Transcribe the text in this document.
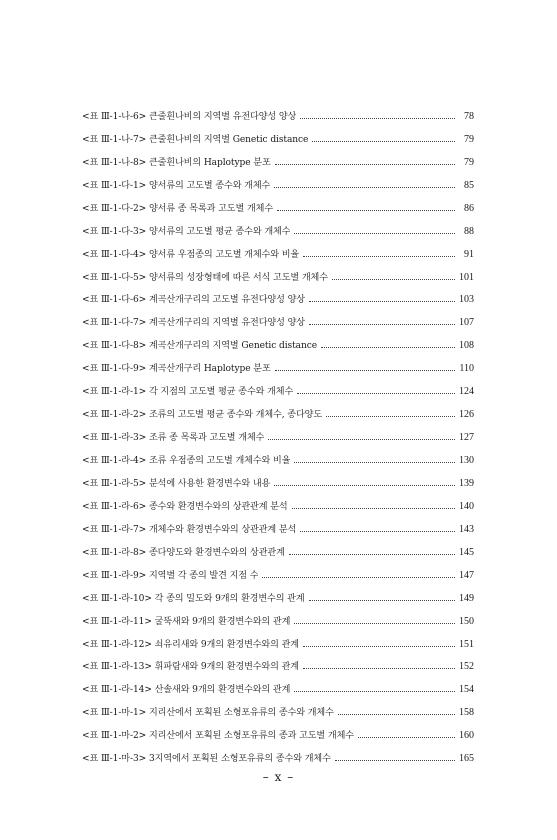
<표 Ⅲ-1-나-6> 큰줄흰나비의 지역별 유전다양성 양상	78
<표 Ⅲ-1-나-7> 큰줄흰나비의 지역별 Genetic distance	79
<표 Ⅲ-1-나-8> 큰줄흰나비의 Haplotype 분포	79
<표 Ⅲ-1-다-1> 양서류의 고도별 종수와 개체수	85
<표 Ⅲ-1-다-2> 양서류 종 목록과 고도별 개체수	86
<표 Ⅲ-1-다-3> 양서류의 고도별 평균 종수와 개체수	88
<표 Ⅲ-1-다-4> 양서류 우점종의 고도별 개체수와 비율	91
<표 Ⅲ-1-다-5> 양서류의 성장형태에 따른 서식 고도별 개체수	101
<표 Ⅲ-1-다-6> 계곡산개구리의 고도별 유전다양성 양상	103
<표 Ⅲ-1-다-7> 계곡산개구리의 지역별 유전다양성 양상	107
<표 Ⅲ-1-다-8> 계곡산개구리의 지역별 Genetic distance	108
<표 Ⅲ-1-다-9> 계곡산개구리 Haplotype 분포	110
<표 Ⅲ-1-라-1> 각 지점의 고도별 평균 종수와 개체수	124
<표 Ⅲ-1-라-2> 조류의 고도별 평균 종수와 개체수, 종다양도	126
<표 Ⅲ-1-라-3> 조류 종 목록과 고도별 개체수	127
<표 Ⅲ-1-라-4> 조류 우점종의 고도별 개체수와 비율	130
<표 Ⅲ-1-라-5> 분석에 사용한 환경변수와 내용	139
<표 Ⅲ-1-라-6> 종수와 환경변수와의 상관관계 분석	140
<표 Ⅲ-1-라-7> 개체수와 환경변수와의 상관관계 분석	143
<표 Ⅲ-1-라-8> 종다양도와 환경변수와의 상관관계	145
<표 Ⅲ-1-라-9> 지역별 각 종의 발견 지점 수	147
<표 Ⅲ-1-라-10> 각 종의 밀도와 9개의 환경변수의 관계	149
<표 Ⅲ-1-라-11> 굴뚝새와 9개의 환경변수와의 관계	150
<표 Ⅲ-1-라-12> 쇠유리새와 9개의 환경변수와의 관계	151
<표 Ⅲ-1-라-13> 휘파람새와 9개의 환경변수와의 관계	152
<표 Ⅲ-1-라-14> 산솔새와 9개의 환경변수와의 관계	154
<표 Ⅲ-1-마-1> 지리산에서 포획된 소형포유류의 종수와 개체수	158
<표 Ⅲ-1-마-2> 지리산에서 포획된 소형포유류의 종과 고도별 개체수	160
<표 Ⅲ-1-마-3> 3지역에서 포획된 소형포유류의 종수와 개체수	165
– x –
